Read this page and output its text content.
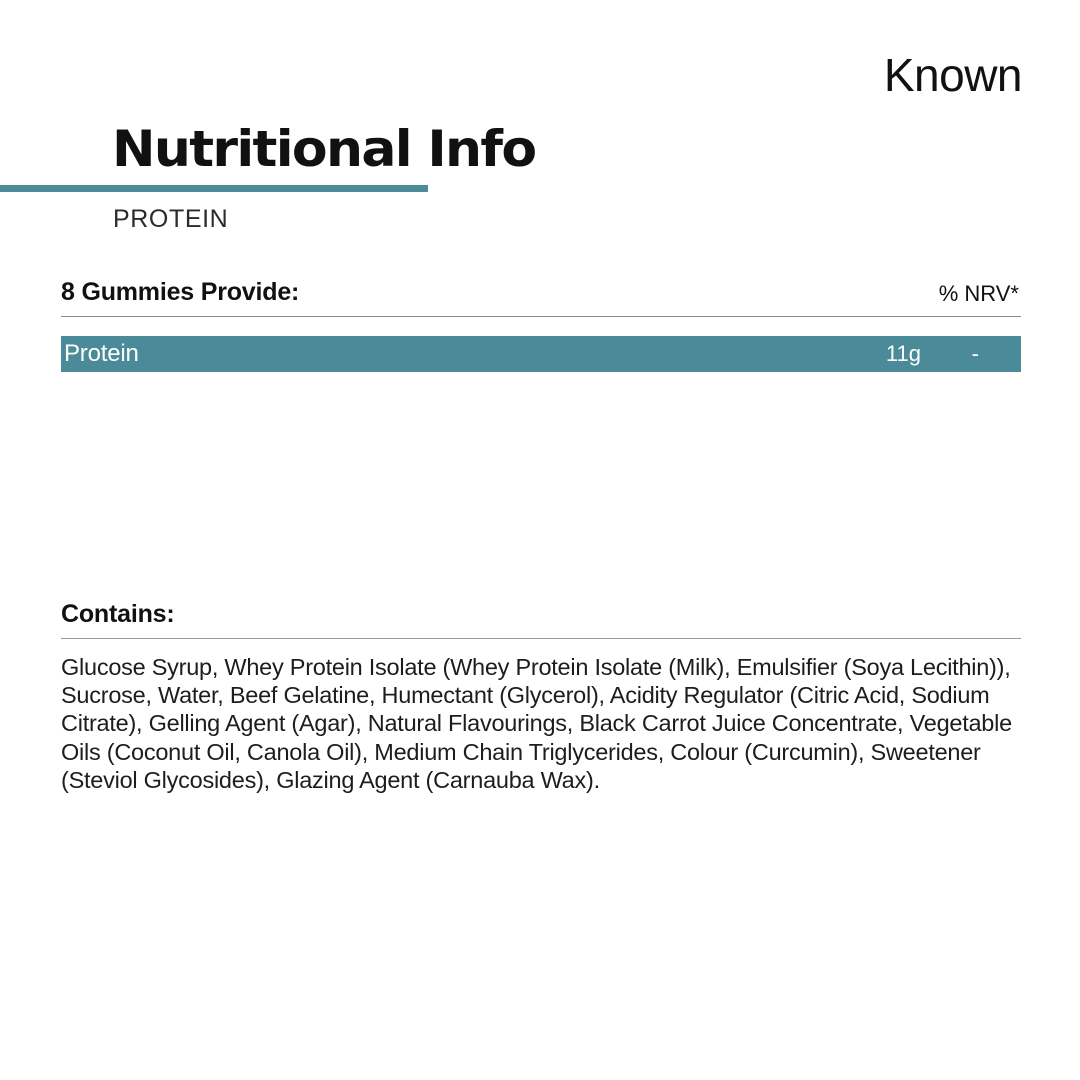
Known
Nutritional Info
PROTEIN
8 Gummies Provide:	% NRV*
Protein	11g	-
Contains:
Glucose Syrup, Whey Protein Isolate (Whey Protein Isolate (Milk), Emulsifier (Soya Lecithin)), Sucrose, Water, Beef Gelatine, Humectant (Glycerol), Acidity Regulator (Citric Acid, Sodium Citrate), Gelling Agent (Agar), Natural Flavourings, Black Carrot Juice Concentrate, Vegetable Oils (Coconut Oil, Canola Oil), Medium Chain Triglycerides, Colour (Curcumin), Sweetener (Steviol Glycosides), Glazing Agent (Carnauba Wax).
